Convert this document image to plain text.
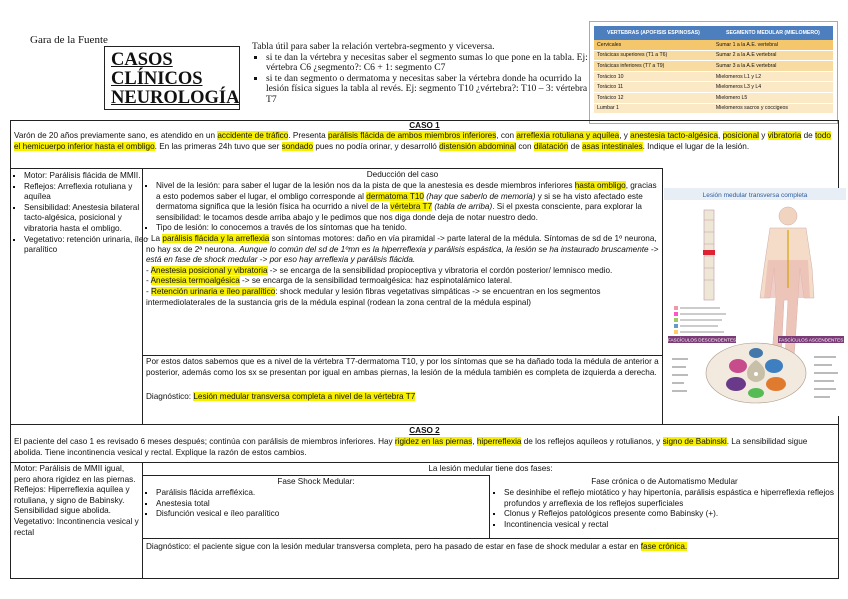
Gara de la Fuente
CASOS
CLÍNICOS
NEUROLOGÍA
Tabla útil para saber la relación vertebra-segmento y viceversa.
▪ si te dan la vértebra y necesitas saber el segmento sumas lo que pone en la tabla. Ej: vértebra C6 ¿segmento?: C6 + 1: segmento C7
▪ si te dan segmento o dermatoma y necesitas saber la vértebra donde ha ocurrido la lesión física sigues la tabla al revés. Ej: segmento T10 ¿vértebra?: T10 – 3: vértebra T7
VERTEBRAS (APOFISIS ESPINOSAS)	SEGMENTO MEDULAR (MIELOMERO)
Cervicales	Sumar 1 a la A.E. vertebral
Torácicas superiores (T1 a T6)	Sumar 2 a la A.E vertebral
Torácicas inferiores (T7 a T9)	Sumar 3 a la A.E vertebral
Torácico 10	Mielomeros L1 y L2
Torácico 11	Mielomeros L3 y L4
Torácico 12	Mielomero L5
Lumbar 1	Mielomeros sacros y coccigeos
CASO 1
Varón de 20 años previamente sano, es atendido en un accidente de tráfico. Presenta parálisis flácida de ambos miembros inferiores, con arreflexia rotuliana y aquílea, y anestesia tacto-algésica, posicional y vibratoria de todo el hemicuerpo inferior hasta el ombligo. En las primeras 24h tuvo que ser sondado pues no podía orinar, y desarrolló distensión abdominal con dilatación de asas intestinales. Indique el lugar de la lesión.
▪ Motor: Parálisis flácida de MMII.
▪ Reflejos: Arreflexia rotuliana y aquílea
▪ Sensibilidad: Anestesia bilateral tacto-algésica, posicional y vibratoria hasta el ombligo.
▪ Vegetativo: retención urinaria, íleo paralítico
Deducción del caso
▪ Nivel de la lesión: para saber el lugar de la lesión nos da la pista de que la anestesia es desde miembros inferiores hasta ombligo, gracias a esto podemos saber el lugar, el ombligo corresponde al dermatoma T10 (hay que saberlo de memoria) y si se ha visto afectado este dermatoma significa que la lesión física ha ocurrido a nivel de la vértebra T7 (tabla de arriba). Si el pxesta consciente, para explorar la sensibilidad: le tocamos desde arriba abajo y le pedimos que nos diga donde deja de notar nuestro dedo.
▪ Tipo de lesión: lo conocemos a través de los síntomas que ha tenido.
- La parálisis flácida y la arreflexia son síntomas motores: daño en vía piramidal -> parte lateral de la médula. Síntomas de sd de 1º neurona, no hay sx de 2ª neurona. Aunque lo común del sd de 1ºmn es la hiperreflexia y parálisis espástica, la lesión se ha instaurado bruscamente -> está en fase de shock medular -> por eso hay arreflexia y parálisis flácida.
- Anestesia posicional y vibratoria -> se encarga de la sensibilidad propioceptiva y vibratoria el cordón posterior/ lemnisco medio.
- Anestesia termoalgésica -> se encarga de la sensibilidad termoalgésica: haz espinotalámico lateral.
- Retención urinaria e íleo paralítico: shock medular y lesión fibras vegetativas simpáticas -> se encuentran en los segmentos intermediolaterales de la sustancia gris de la médula espinal (rodean la zona central de la médula espinal)
Por estos datos sabemos que es a nivel de la vértebra T7-dermatoma T10, y por los síntomas que se ha dañado toda la médula de anterior a posterior, además como los sx se presentan por igual en ambas piernas, la lesión de la médula también es completa de izquierda a derecha.
Diagnóstico: Lesión medular transversa completa a nivel de la vértebra T7
Lesión medular transversa completa
FASCÍCULOS DESCENDENTES	FASCÍCULOS ASCENDENTES
CASO 2
El paciente del caso 1 es revisado 6 meses después; continúa con parálisis de miembros inferiores. Hay rigidez en las piernas, hiperreflexia de los reflejos aquíleos y rotulianos, y signo de Babinski. La sensibilidad sigue abolida. Tiene incontinencia vesical y rectal. Explique la razón de estos cambios.
Motor: Parálisis de MMII igual, pero ahora rigidez en las piernas.
Reflejos: Hiperreflexia aquílea y rotuliana, y signo de Babinsky.
Sensibilidad sigue abolida.
Vegetativo: Incontinencia vesical y rectal
La lesión medular tiene dos fases:
Fase Shock Medular:
▪ Parálisis flácida arrefléxica.
▪ Anestesia total
▪ Disfunción vesical e íleo paralítico
Fase crónica o de Automatismo Medular
▪ Se desinhibe el reflejo miotático y hay hipertonía, parálisis espástica e hiperreflexia reflejos profundos y arreflexia de los reflejos superficiales
▪ Clonus y Reflejos patológicos presente como Babinsky (+).
▪ Incontinencia vesical y rectal
Diagnóstico: el paciente sigue con la lesión medular transversa completa, pero ha pasado de estar en fase de shock medular a estar en fase crónica.
